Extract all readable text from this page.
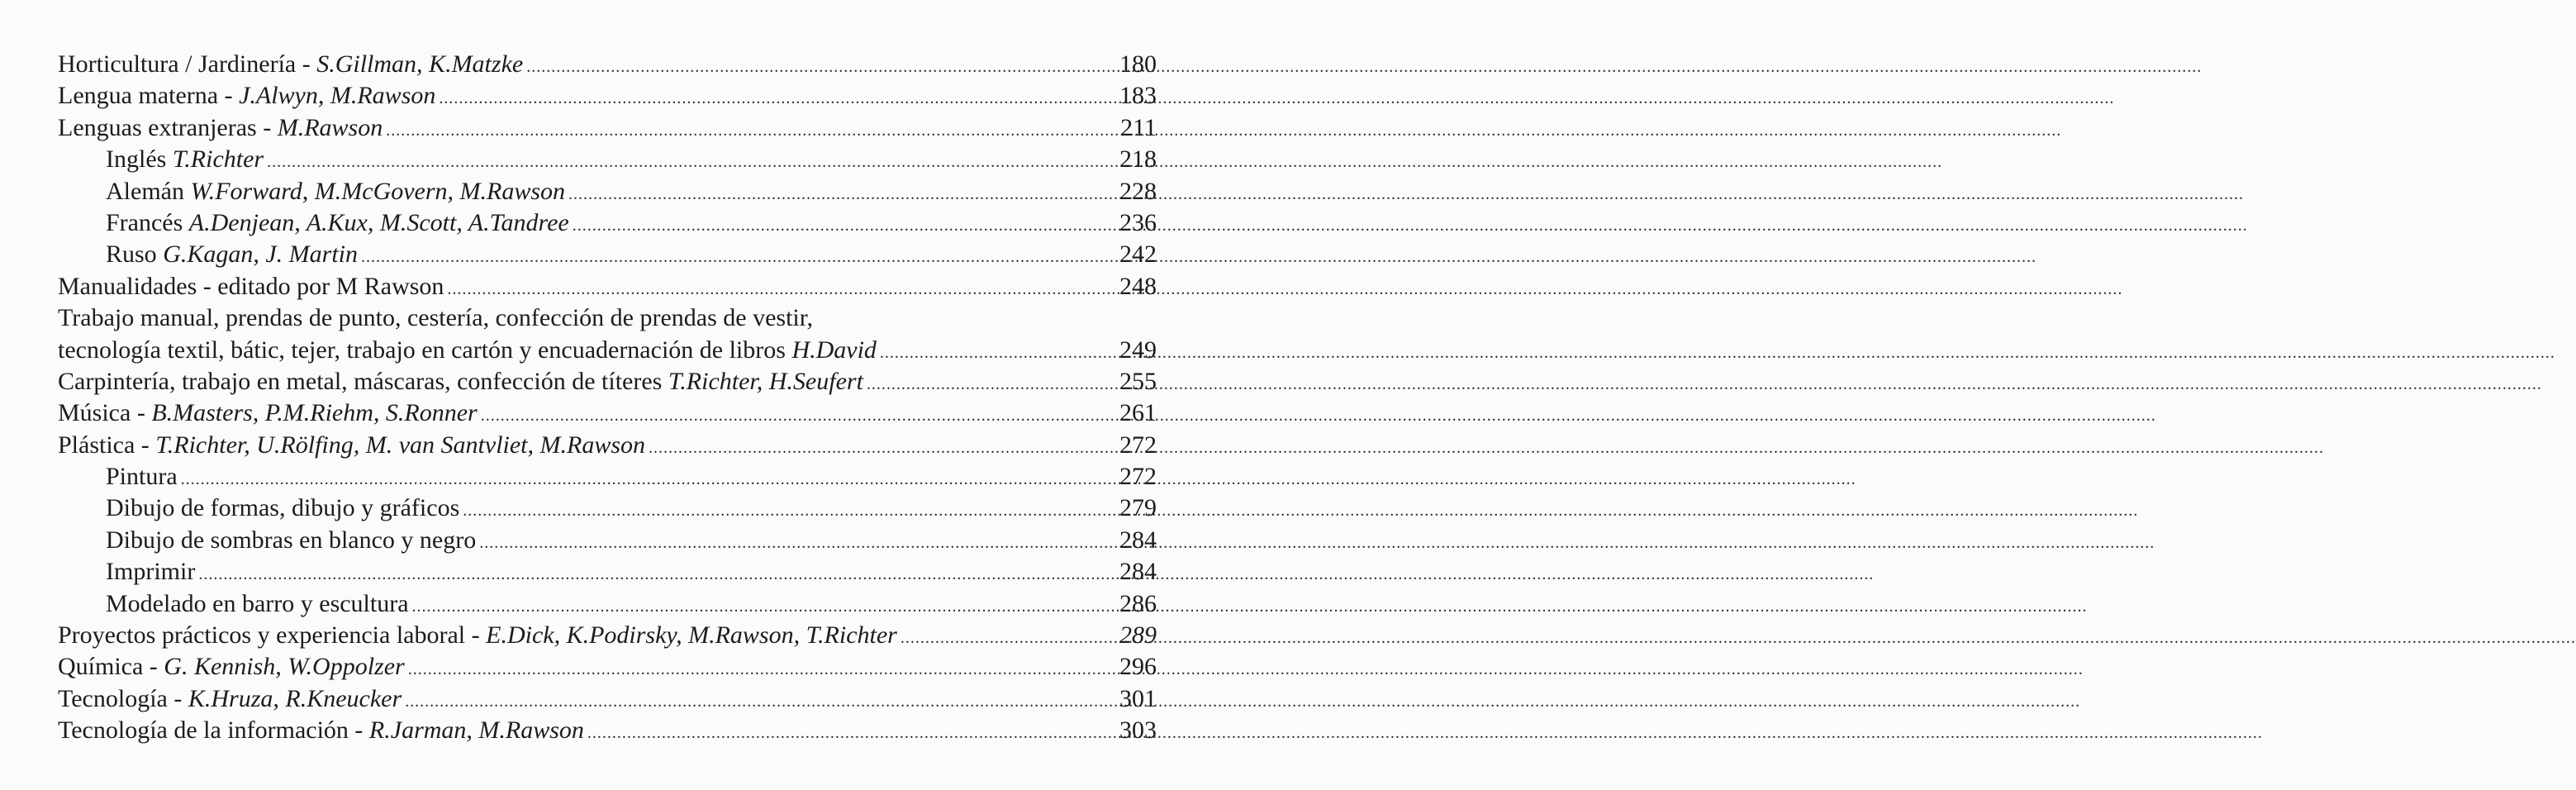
Horticultura / Jardinería - S.Gillman, K.Matzke .....	180
Lengua materna - J.Alwyn, M.Rawson .....	183
Lenguas extranjeras - M.Rawson .....	211
Inglés T.Richter .....	218
Alemán W.Forward, M.McGovern, M.Rawson .....	228
Francés A.Denjean, A.Kux, M.Scott, A.Tandree .....	236
Ruso G.Kagan, J. Martin .....	242
Manualidades - editado por M Rawson .....	248
Trabajo manual, prendas de punto, cestería, confección de prendas de vestir,
tecnología textil, bátic, tejer, trabajo en cartón y encuadernación de libros H.David .....	249
Carpintería, trabajo en metal, máscaras, confección de títeres T.Richter, H.Seufert .....	255
Música - B.Masters, P.M.Riehm, S.Ronner .....	261
Plástica - T.Richter, U.Rölfing, M. van Santvliet, M.Rawson .....	272
Pintura .....	272
Dibujo de formas, dibujo y gráficos .....	279
Dibujo de sombras en blanco y negro .....	284
Imprimir .....	284
Modelado en barro y escultura .....	286
Proyectos prácticos y experiencia laboral - E.Dick, K.Podirsky, M.Rawson, T.Richter .....	289
Química - G. Kennish, W.Oppolzer .....	296
Tecnología - K.Hruza, R.Kneucker .....	301
Tecnología de la información - R.Jarman, M.Rawson .....	303
